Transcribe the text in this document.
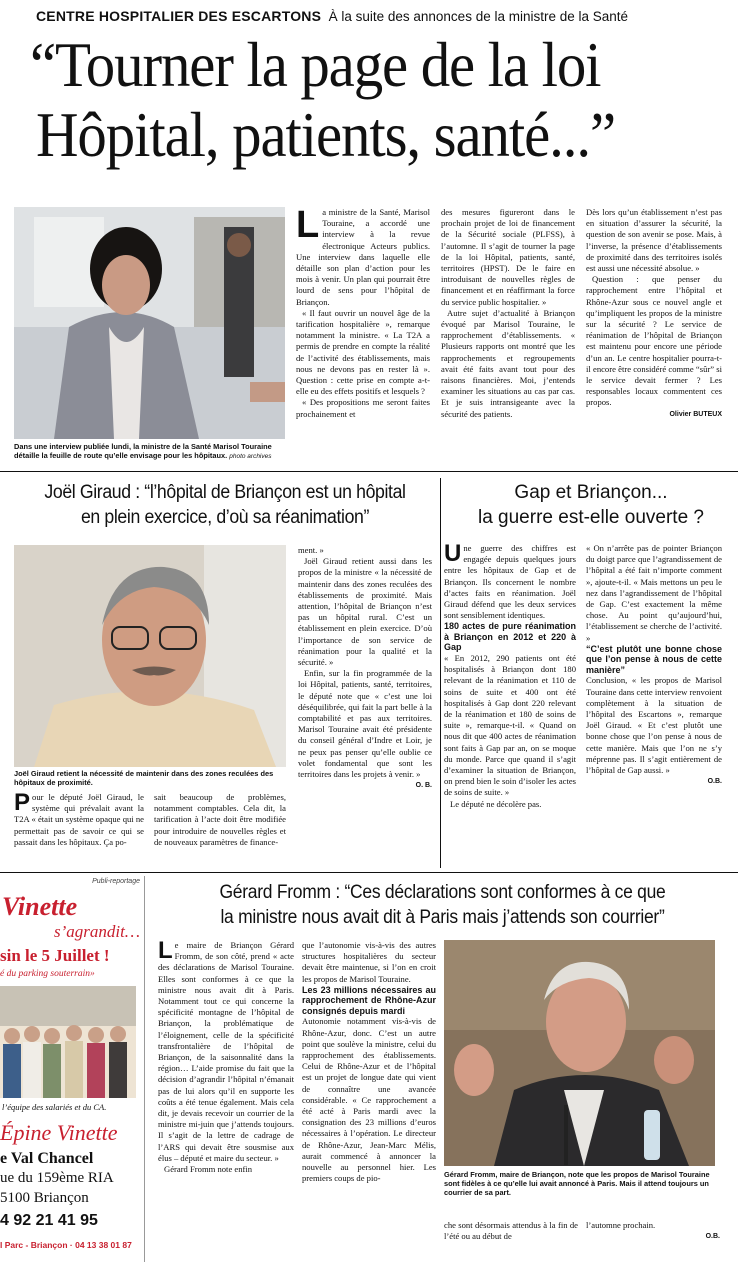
CENTRE HOSPITALIER DES ESCARTONS À la suite des annonces de la ministre de la Santé
“Tourner la page de la loi
Hôpital, patients, santé...”
Dans une interview publiée lundi, la ministre de la Santé Marisol Touraine détaille la feuille de route qu’elle envisage pour les hôpitaux. photo archives

La ministre de la Santé, Marisol Touraine, a accordé une interview à la revue électronique Acteurs publics. Une interview dans laquelle elle détaille son plan d’action pour les mois à venir. Un plan qui pourrait être lourd de sens pour l’hôpital de Briançon.

« Il faut ouvrir un nouvel âge de la tarification hospitalière », remarque notamment la ministre. « La T2A a permis de prendre en compte la réalité de l’activité des établissements, mais nous ne devons pas en rester là ». Question : cette prise en compte a-t-elle eu des effets positifs et lesquels ?

« Des propositions me seront faites prochainement et

des mesures figureront dans le prochain projet de loi de financement de la Sécurité sociale (PLFSS), à l’automne. Il s’agit de tourner la page de la loi Hôpital, patients, santé, territoires (HPST). De le faire en introduisant de nouvelles règles de financement et en réaffirmant la force du service public hospitalier. »

Autre sujet d’actualité à Briançon évoqué par Marisol Touraine, le rapprochement d’établissements. « Plusieurs rapports ont montré que les rapprochements et regroupements avait été faits avant tout pour des raisons financières. Moi, j’entends examiner les situations au cas par cas. Et je suis intransigeante avec la sécurité des patients.

Dès lors qu’un établissement n’est pas en situation d’assurer la sécurité, la question de son avenir se pose. Mais, à l’inverse, la présence d’établissements de proximité dans des territoires isolés est aussi une nécessité absolue. »

Question : que penser du rapprochement entre l’hôpital et Rhône-Azur sous ce nouvel angle et qu’impliquent les propos de la ministre sur la sécurité ? Le service de réanimation de l’hôpital de Briançon est maintenu pour encore une période d’un an. Le centre hospitalier pourra-t-il encore être considéré comme “sûr” si le service devait fermer ? Les responsables locaux commentent ces propos.

Olivier BUTEUX

Joël Giraud : “l’hôpital de Briançon est un hôpital
en plein exercice, d’où sa réanimation”
Joël Giraud retient la nécessité de maintenir dans des zones reculées des hôpitaux de proximité.

Pour le député Joël Giraud, le système qui prévalait avant la T2A « était un système opaque qui ne permettait pas de savoir ce qui se passait dans les hôpitaux. Ça po-

sait beaucoup de problèmes, notamment comptables. Cela dit, la tarification à l’acte doit être modifiée pour introduire de nouvelles règles et de nouveaux paramètres de finance-

ment. »

Joël Giraud retient aussi dans les propos de la ministre « la nécessité de maintenir dans des zones reculées des établissements de proximité. Mais attention, l’hôpital de Briançon n’est pas un hôpital rural. C’est un établissement en plein exercice. D’où l’importance de son service de réanimation pour la qualité et la sécurité. »

Enfin, sur la fin programmée de la loi Hôpital, patients, santé, territoires, le député note que « c’est une loi déséquilibrée, qui fait la part belle à la comptabilité et pas aux territoires. Marisol Touraine avait été présidente du conseil général d’Indre et Loir, je ne peux pas penser qu’elle oublie ce volet fondamental que sont les territoires dans les projets à venir. »

O. B.

Gap et Briançon...
la guerre est-elle ouverte ?

Une guerre des chiffres est engagée depuis quelques jours entre les hôpitaux de Gap et de Briançon. Ils concernent le nombre d’actes faits en réanimation. Joël Giraud défend que les deux services sont sensiblement identiques.

180 actes de pure réanimation à Briançon en 2012 et 220 à Gap

« En 2012, 290 patients ont été hospitalisés à Briançon dont 180 relevant de la réanimation et 110 de soins de suite et 400 ont été hospitalisés à Gap dont 220 relevant de la réanimation et 180 de soins de suite », remarque-t-il. « Quand on nous dit que 400 actes de réanimation sont faits à Gap par an, on se moque du monde. Parce que quand il s’agit d’examiner la situation de Briançon, on prend bien le soin d’isoler les actes de soins de suite. »

Le député ne décolère pas.

« On n’arrête pas de pointer Briançon du doigt parce que l’agrandissement de l’hôpital a été fait n’importe comment », ajoute-t-il. « Mais mettons un peu le nez dans l’agrandissement de l’hôpital de Gap. C’est exactement la même chose. Au point qu’aujourd’hui, l’établissement se cherche de l’activité. »

“C’est plutôt une bonne chose que l’on pense à nous de cette manière”

Conclusion, « les propos de Marisol Touraine dans cette interview renvoient complètement à la situation de l’hôpital des Escartons », remarque Joël Giraud. « Et c’est plutôt une bonne chose que l’on pense à nous de cette manière. Mais que l’on ne s’y méprenne pas. Il s’agit entièrement de l’hôpital de Gap aussi. »

O.B.

Publi-reportage
Vinette
s’agrandit…
sin le 5 Juillet !
é du parking souterrain»
l’équipe des salariés et du CA.
Épine Vinette
e Val Chancel
ue du 159ème RIA
5100 Briançon
4 92 21 41 95
l Parc - Briançon · 04 13 38 01 87
Gérard Fromm : “Ces déclarations sont conformes à ce que
la ministre nous avait dit à Paris mais j’attends son courrier”

Le maire de Briançon Gérard Fromm, de son côté, prend « acte des déclarations de Marisol Touraine. Elles sont conformes à ce que la ministre nous avait dit à Paris. Notamment tout ce qui concerne la spécificité montagne de l’hôpital de Briançon, la problématique de l’éloignement, celle de la spécificité transfrontalière de l’hôpital de Briançon, de la saisonnalité dans la région… L’aide promise du fait que la décision d’agrandir l’hôpital n’émanait pas de lui alors qu’il en supporte les coûts a été tenue également. Mais cela dit, je devais recevoir un courrier de la ministre mi-juin que j’attends toujours. Il s’agit de la lettre de cadrage de l’ARS qui devait être sousmise aux élus – député et maire du secteur. »

Gérard Fromm note enfin

que l’autonomie vis-à-vis des autres structures hospitalières du secteur devait être maintenue, si l’on en croit les propos de Marisol Touraine.

Les 23 millions nécessaires au rapprochement de Rhône-Azur consignés depuis mardi

Autonomie notamment vis-à-vis de Rhône-Azur, donc. C’est un autre point que soulève la ministre, celui du rapprochement des établissements. Celui de Rhône-Azur et de l’hôpital est un projet de longue date qui vient de connaître une avancée considérable. « Ce rapprochement a été acté à Paris mardi avec la consignation des 23 millions d’euros nécessaires à l’opération. Le directeur de Rhône-Azur, Jean-Marc Mélis, aurait commencé à annoncer la nouvelle au personnel hier. Les premiers coups de pio-	Gérard Fromm, maire de Briançon, note que les propos de Marisol Touraine sont fidèles à ce qu’elle lui avait annoncé à Paris. Mais il attend toujours un courrier de sa part.

che sont désormais attendus à la fin de l’été ou au début de

l’automne prochain.

O.B.
